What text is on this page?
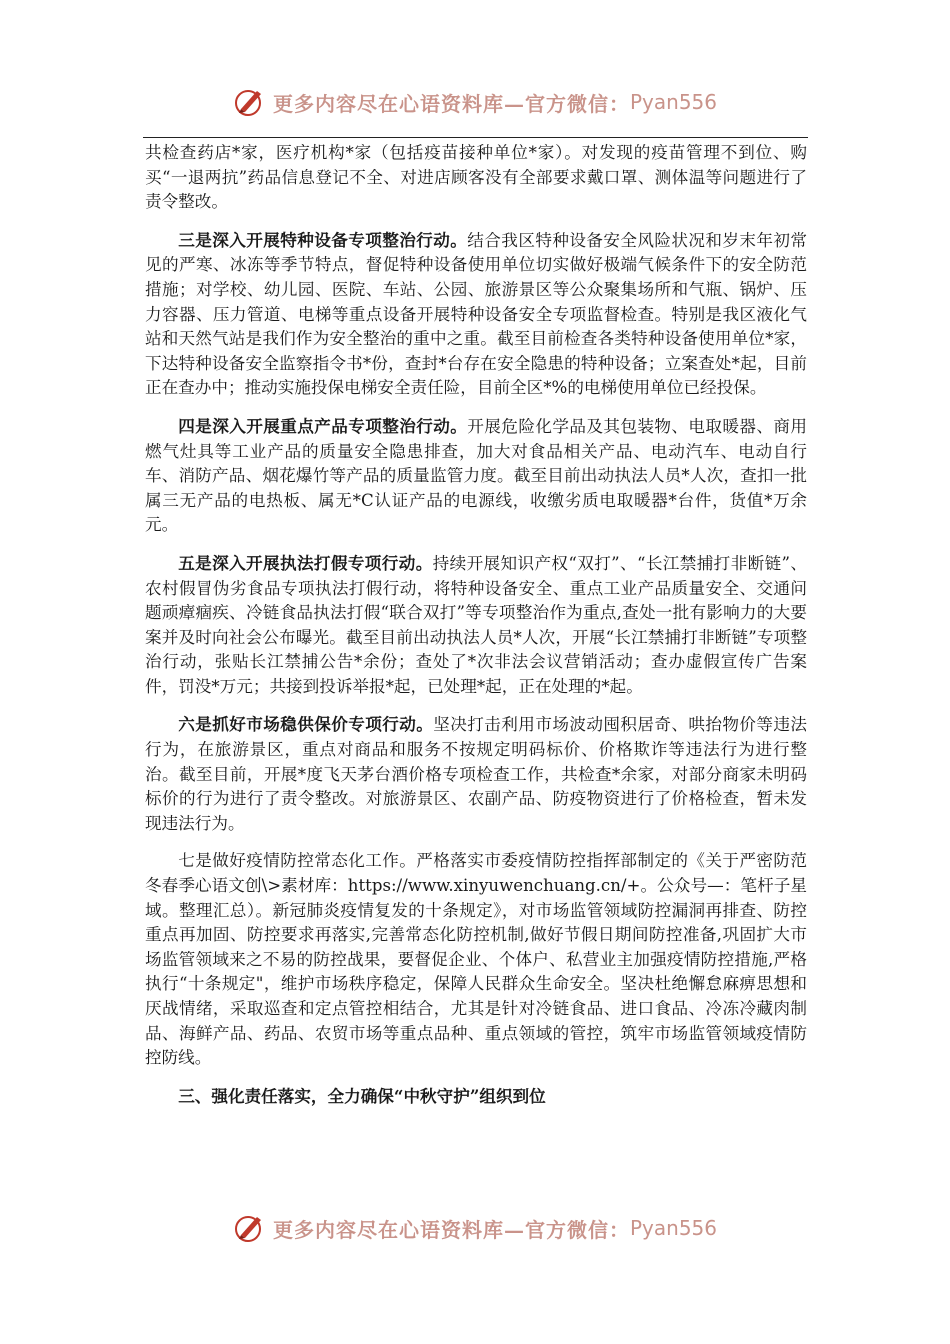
更多内容尽在心语资料库—官方微信： Pyan556

共检查药店*家，医疗机构*家（包括疫苗接种单位*家）。对发现的疫苗管理不到位、购买“一退两抗”药品信息登记不全、对进店顾客没有全部要求戴口罩、测体温等问题进行了责令整改。

三是深入开展特种设备专项整治行动。结合我区特种设备安全风险状况和岁末年初常见的严寒、冰冻等季节特点，督促特种设备使用单位切实做好极端气候条件下的安全防范措施；对学校、幼儿园、医院、车站、公园、旅游景区等公众聚集场所和气瓶、锅炉、压力容器、压力管道、电梯等重点设备开展特种设备安全专项监督检查。特别是我区液化气站和天然气站是我们作为安全整治的重中之重。截至目前检查各类特种设备使用单位*家，下达特种设备安全监察指令书*份，查封*台存在安全隐患的特种设备；立案查处*起，目前正在查办中；推动实施投保电梯安全责任险，目前全区*%的电梯使用单位已经投保。

四是深入开展重点产品专项整治行动。开展危险化学品及其包装物、电取暖器、商用燃气灶具等工业产品的质量安全隐患排查，加大对食品相关产品、电动汽车、电动自行车、消防产品、烟花爆竹等产品的质量监管力度。截至目前出动执法人员*人次，查扣一批属三无产品的电热板、属无*C认证产品的电源线，收缴劣质电取暖器*台件，货值*万余元。

五是深入开展执法打假专项行动。持续开展知识产权“双打”、“长江禁捕打非断链”、农村假冒伪劣食品专项执法打假行动，将特种设备安全、重点工业产品质量安全、交通问题顽瘴痼疾、冷链食品执法打假“联合双打”等专项整治作为重点,查处一批有影响力的大要案并及时向社会公布曝光。截至目前出动执法人员*人次，开展“长江禁捕打非断链”专项整治行动，张贴长江禁捕公告*余份；查处了*次非法会议营销活动；查办虚假宣传广告案件，罚没*万元；共接到投诉举报*起，已处理*起，正在处理的*起。

六是抓好市场稳供保价专项行动。坚决打击利用市场波动囤积居奇、哄抬物价等违法行为，在旅游景区，重点对商品和服务不按规定明码标价、价格欺诈等违法行为进行整治。截至目前，开展*度飞天茅台酒价格专项检查工作，共检查*余家，对部分商家未明码标价的行为进行了责令整改。对旅游景区、农副产品、防疫物资进行了价格检查，暂未发现违法行为。

七是做好疫情防控常态化工作。严格落实市委疫情防控指挥部制定的《关于严密防范冬春季心语文创\>素材库：https://www.xinyuwenchuang.cn/+。公众号—：笔杆子星域。整理汇总）。新冠肺炎疫情复发的十条规定》，对市场监管领域防控漏洞再排查、防控重点再加固、防控要求再落实,完善常态化防控机制,做好节假日期间防控准备,巩固扩大市场监管领域来之不易的防控战果，要督促企业、个体户、私营业主加强疫情防控措施,严格执行“十条规定"，维护市场秩序稳定，保障人民群众生命安全。坚决杜绝懈怠麻痹思想和厌战情绪，采取巡查和定点管控相结合，尤其是针对冷链食品、进口食品、冷冻冷藏肉制品、海鲜产品、药品、农贸市场等重点品种、重点领域的管控，筑牢市场监管领域疫情防控防线。

三、强化责任落实，全力确保“中秋守护”组织到位

更多内容尽在心语资料库—官方微信： Pyan556
